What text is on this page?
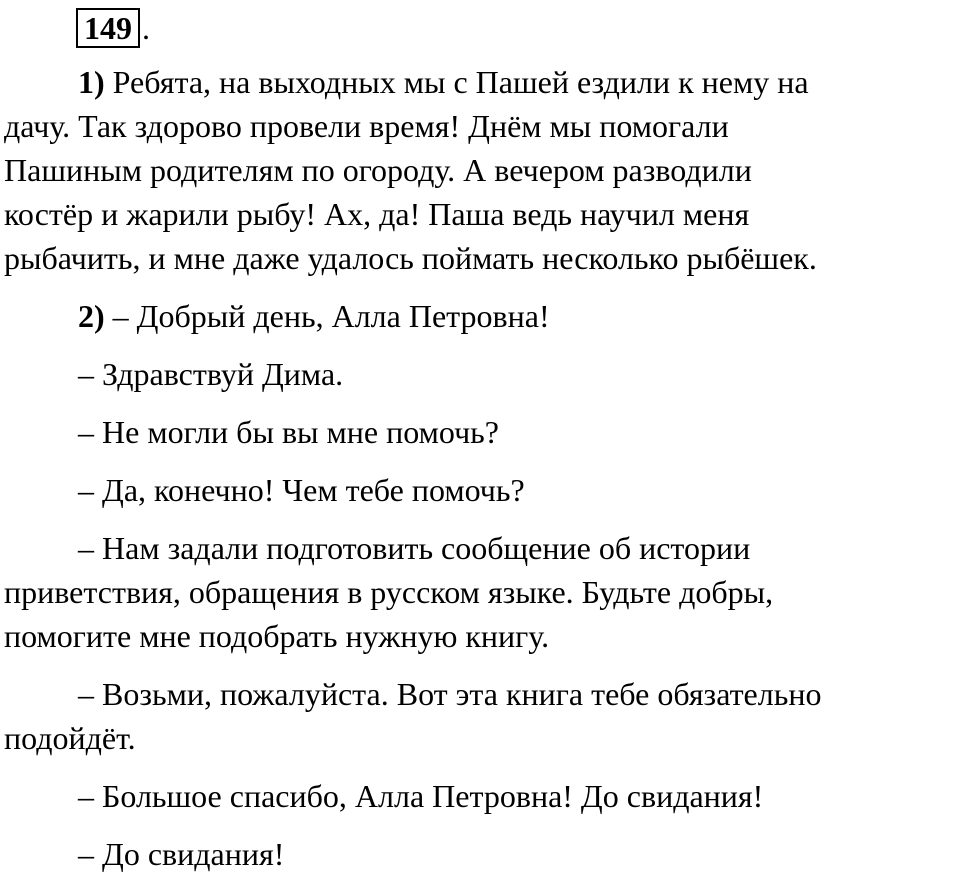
149 .
1) Ребята, на выходных мы с Пашей ездили к нему на
дачу. Так здорово провели время! Днём мы помогали
Пашиным родителям по огороду. А вечером разводили
костёр и жарили рыбу! Ах, да! Паша ведь научил меня
рыбачить, и мне даже удалось поймать несколько рыбёшек.
2) – Добрый день, Алла Петровна!
– Здравствуй Дима.
– Не могли бы вы мне помочь?
– Да, конечно! Чем тебе помочь?
– Нам задали подготовить сообщение об истории
приветствия, обращения в русском языке. Будьте добры,
помогите мне подобрать нужную книгу.
– Возьми, пожалуйста. Вот эта книга тебе обязательно
подойдёт.
– Большое спасибо, Алла Петровна! До свидания!
– До свидания!
